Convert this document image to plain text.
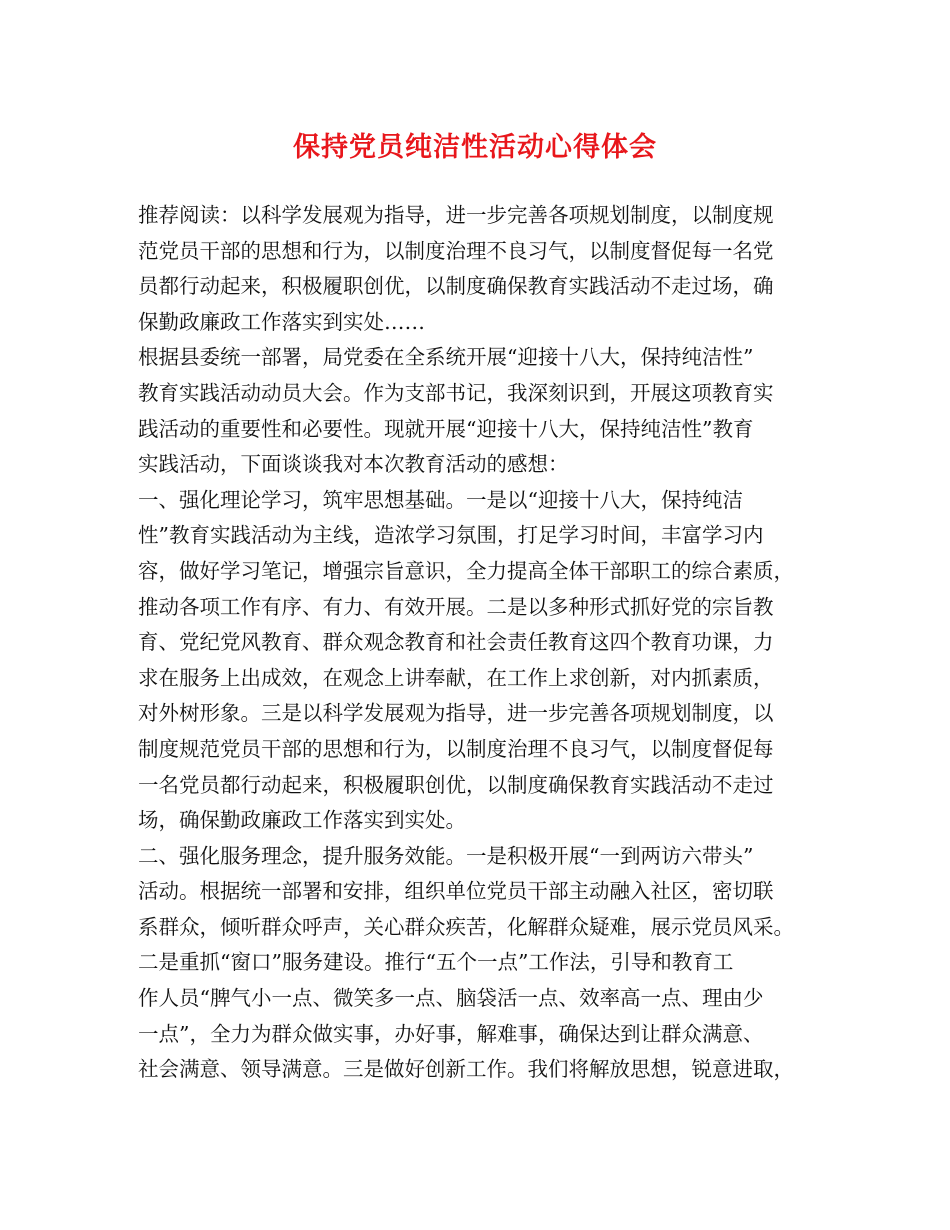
保持党员纯洁性活动心得体会
推荐阅读：以科学发展观为指导，进一步完善各项规划制度，以制度规
范党员干部的思想和行为，以制度治理不良习气，以制度督促每一名党
员都行动起来，积极履职创优，以制度确保教育实践活动不走过场，确
保勤政廉政工作落实到实处……
根据县委统一部署，局党委在全系统开展“迎接十八大，保持纯洁性”
教育实践活动动员大会。作为支部书记，我深刻识到，开展这项教育实
践活动的重要性和必要性。现就开展“迎接十八大，保持纯洁性”教育
实践活动，下面谈谈我对本次教育活动的感想：
一、强化理论学习，筑牢思想基础。一是以“迎接十八大，保持纯洁
性”教育实践活动为主线，造浓学习氛围，打足学习时间，丰富学习内
容，做好学习笔记，增强宗旨意识，全力提高全体干部职工的综合素质，
推动各项工作有序、有力、有效开展。二是以多种形式抓好党的宗旨教
育、党纪党风教育、群众观念教育和社会责任教育这四个教育功课，力
求在服务上出成效，在观念上讲奉献，在工作上求创新，对内抓素质，
对外树形象。三是以科学发展观为指导，进一步完善各项规划制度，以
制度规范党员干部的思想和行为，以制度治理不良习气，以制度督促每
一名党员都行动起来，积极履职创优，以制度确保教育实践活动不走过
场，确保勤政廉政工作落实到实处。
二、强化服务理念，提升服务效能。一是积极开展“一到两访六带头”
活动。根据统一部署和安排，组织单位党员干部主动融入社区，密切联
系群众，倾听群众呼声，关心群众疾苦，化解群众疑难，展示党员风采。
二是重抓“窗口”服务建设。推行“五个一点”工作法，引导和教育工
作人员“脾气小一点、微笑多一点、脑袋活一点、效率高一点、理由少
一点”，全力为群众做实事，办好事，解难事，确保达到让群众满意、
社会满意、领导满意。三是做好创新工作。我们将解放思想，锐意进取，
